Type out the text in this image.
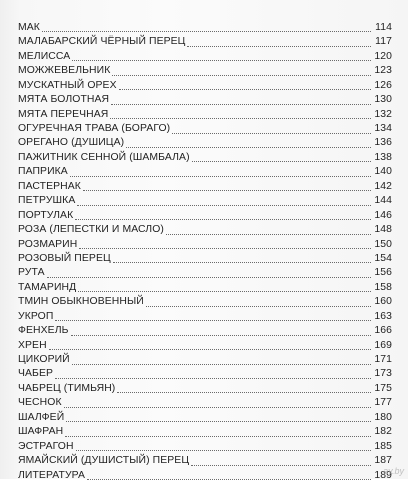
МАК	114
МАЛАБАРСКИЙ ЧЁРНЫЙ ПЕРЕЦ	117
МЕЛИССА	120
МОЖЖЕВЕЛЬНИК	123
МУСКАТНЫЙ ОРЕХ	126
МЯТА БОЛОТНАЯ	130
МЯТА ПЕРЕЧНАЯ	132
ОГУРЕЧНАЯ ТРАВА (БОРАГО)	134
ОРЕГАНО (ДУШИЦА)	136
ПАЖИТНИК СЕННОЙ (ШАМБАЛА)	138
ПАПРИКА	140
ПАСТЕРНАК	142
ПЕТРУШКА	144
ПОРТУЛАК	146
РОЗА (ЛЕПЕСТКИ И МАСЛО)	148
РОЗМАРИН	150
РОЗОВЫЙ ПЕРЕЦ	154
РУТА	156
ТАМАРИНД	158
ТМИН ОБЫКНОВЕННЫЙ	160
УКРОП	163
ФЕНХЕЛЬ	166
ХРЕН	169
ЦИКОРИЙ	171
ЧАБЕР	173
ЧАБРЕЦ (ТИМЬЯН)	175
ЧЕСНОК	177
ШАЛФЕЙ	180
ШАФРАН	182
ЭСТРАГОН	185
ЯМАЙСКИЙ (ДУШИСТЫЙ) ПЕРЕЦ	187
ЛИТЕРАТУРА	189
ay.by
